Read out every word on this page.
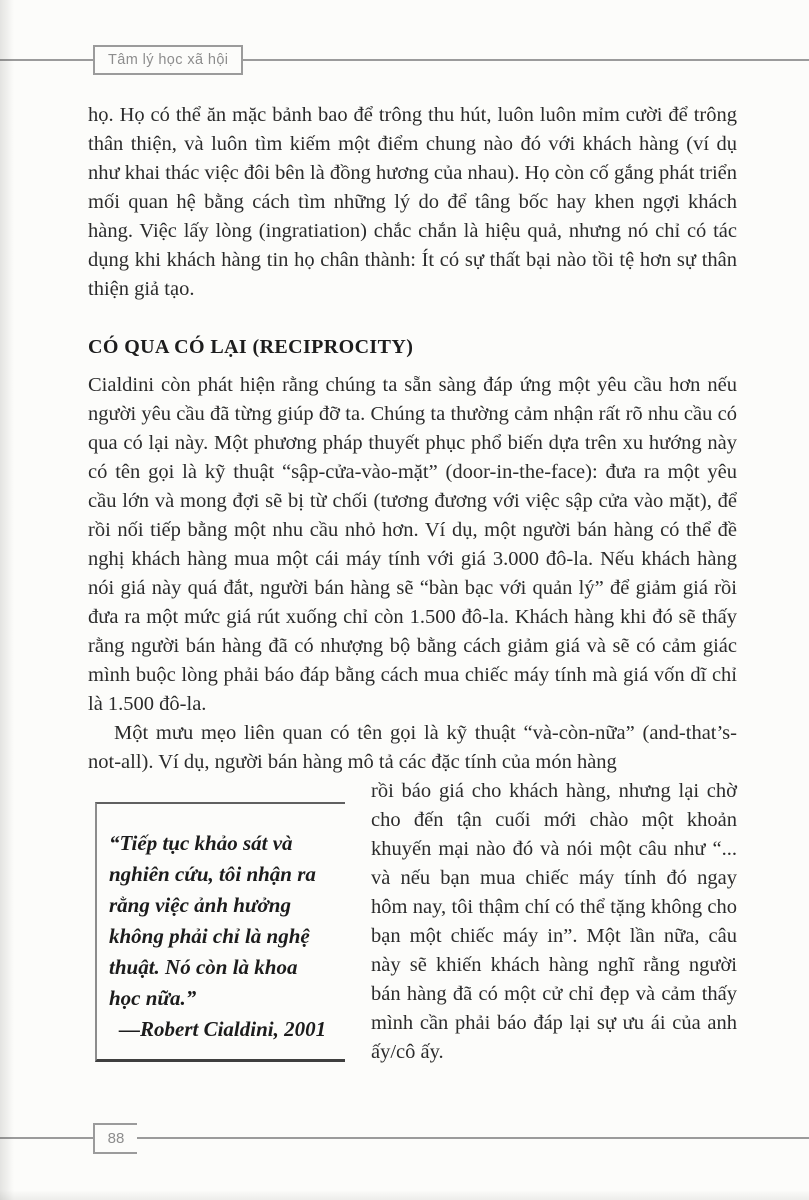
Tâm lý học xã hội

họ. Họ có thể ăn mặc bảnh bao để trông thu hút, luôn luôn mỉm cười để trông thân thiện, và luôn tìm kiếm một điểm chung nào đó với khách hàng (ví dụ như khai thác việc đôi bên là đồng hương của nhau). Họ còn cố gắng phát triển mối quan hệ bằng cách tìm những lý do để tâng bốc hay khen ngợi khách hàng. Việc lấy lòng (ingratiation) chắc chắn là hiệu quả, nhưng nó chỉ có tác dụng khi khách hàng tin họ chân thành: Ít có sự thất bại nào tồi tệ hơn sự thân thiện giả tạo.

CÓ QUA CÓ LẠI (RECIPROCITY)

Cialdini còn phát hiện rằng chúng ta sẵn sàng đáp ứng một yêu cầu hơn nếu người yêu cầu đã từng giúp đỡ ta. Chúng ta thường cảm nhận rất rõ nhu cầu có qua có lại này. Một phương pháp thuyết phục phổ biến dựa trên xu hướng này có tên gọi là kỹ thuật “sập-cửa-vào-mặt” (door-in-the-face): đưa ra một yêu cầu lớn và mong đợi sẽ bị từ chối (tương đương với việc sập cửa vào mặt), để rồi nối tiếp bằng một nhu cầu nhỏ hơn. Ví dụ, một người bán hàng có thể đề nghị khách hàng mua một cái máy tính với giá 3.000 đô-la. Nếu khách hàng nói giá này quá đắt, người bán hàng sẽ “bàn bạc với quản lý” để giảm giá rồi đưa ra một mức giá rút xuống chỉ còn 1.500 đô-la. Khách hàng khi đó sẽ thấy rằng người bán hàng đã có nhượng bộ bằng cách giảm giá và sẽ có cảm giác mình buộc lòng phải báo đáp bằng cách mua chiếc máy tính mà giá vốn dĩ chỉ là 1.500 đô-la.

Một mưu mẹo liên quan có tên gọi là kỹ thuật “và-còn-nữa” (and-that’s-not-all). Ví dụ, người bán hàng mô tả các đặc tính của món hàng

“Tiếp tục khảo sát và nghiên cứu, tôi nhận ra rằng việc ảnh hưởng không phải chỉ là nghệ thuật. Nó còn là khoa học nữa.”

—Robert Cialdini, 2001

rồi báo giá cho khách hàng, nhưng lại chờ cho đến tận cuối mới chào một khoản khuyến mại nào đó và nói một câu như “... và nếu bạn mua chiếc máy tính đó ngay hôm nay, tôi thậm chí có thể tặng không cho bạn một chiếc máy in”. Một lần nữa, câu này sẽ khiến khách hàng nghĩ rằng người bán hàng đã có một cử chỉ đẹp và cảm thấy mình cần phải báo đáp lại sự ưu ái của anh ấy/cô ấy.

88
